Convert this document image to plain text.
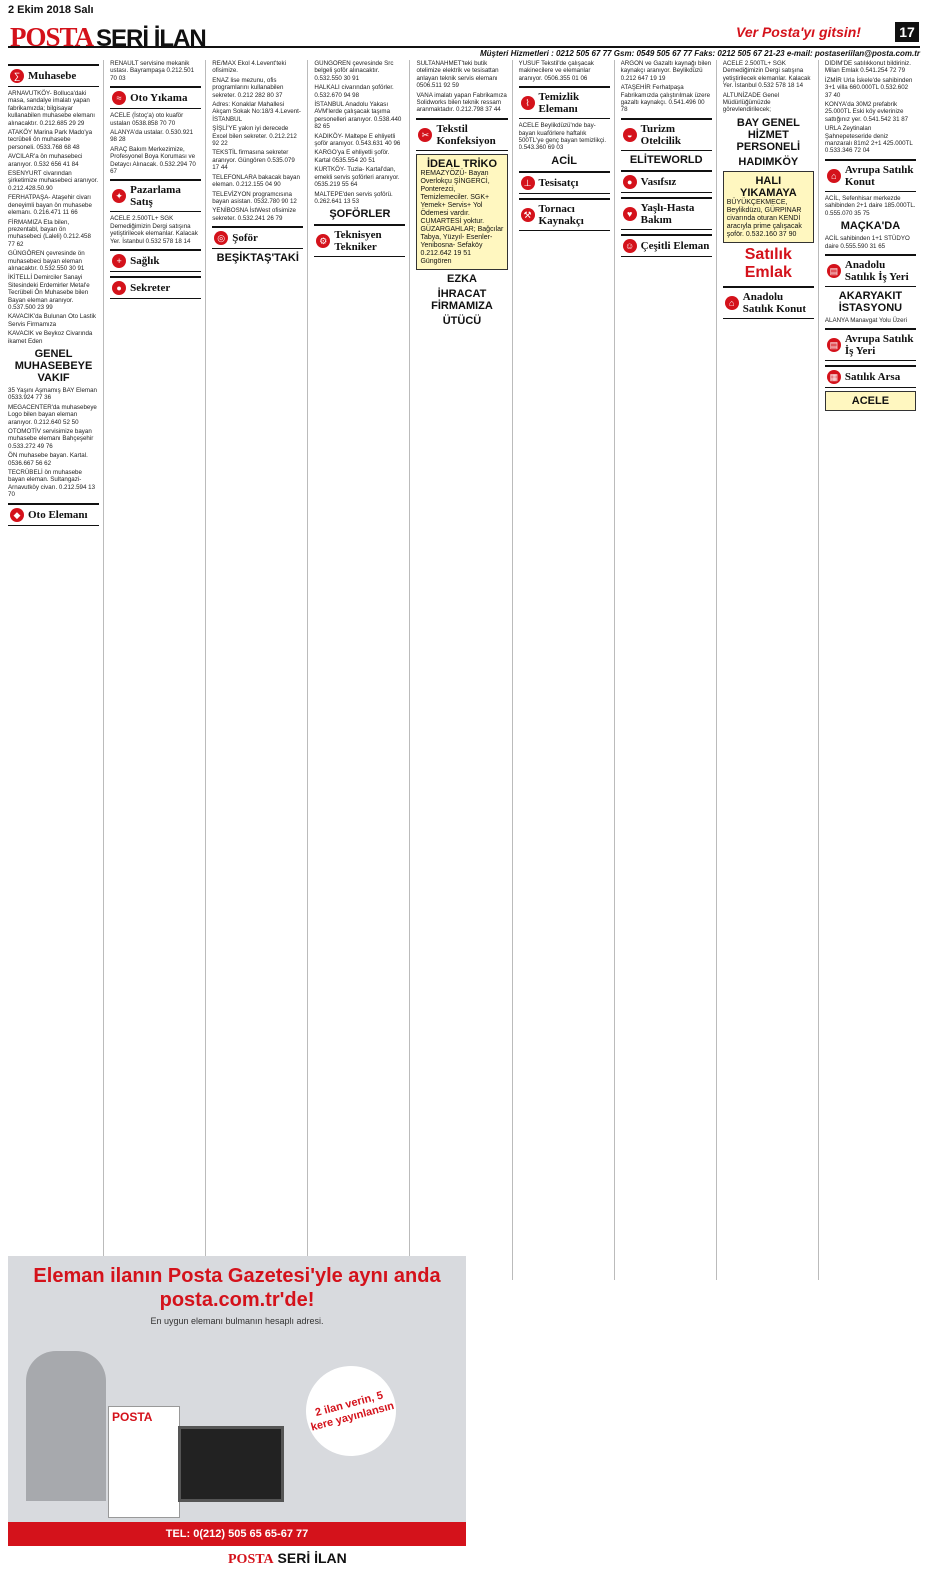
2 Ekim 2018 Salı
POSTA SERİ İLAN	Ver Posta'yı gitsin!	17
Müşteri Hizmetleri : 0212 505 67 77 Gsm: 0549 505 67 77 Faks: 0212 505 67 21-23 e-mail: postaseriilan@posta.com.tr
∑ Muhasebe

ARNAVUTKÖY- Bolluca'daki masa, sandalye imalatı yapan fabrikamızda; bilgisayar kullanabilen muhasebe elemanı alınacaktır. 0.212.685 29 29

ATAKÖY Marina Park Mado'ya tecrübeli ön muhasebe personeli. 0533.768 68 48

AVCILAR'a ön muhasebeci aranıyor. 0.532 656 41 84

ESENYURT civarından şirketimize muhasebeci aranıyor. 0.212.428.50.90

FERHATPAŞA- Ataşehir civarı deneyimli bayan ön muhasebe elemanı. 0.216.471 11 66

FİRMAMIZA Eta bilen, prezentabl, bayan ön muhasebeci (Laleli) 0.212.458 77 62

GÜNGÖREN çevresinde ön muhasebeci bayan eleman alınacaktır. 0.532.550 30 91

İKİTELLİ Demirciler Sanayi Sitesindeki Erdemirler Metal'e Tecrübeli Ön Muhasebe bilen Bayan eleman aranıyor. 0.537.500 23 99

KAVACIK'da Bulunan Oto Lastik Servis Firmamıza

KAVACIK ve Beykoz Civarında ikamet Eden

GENEL MUHASEBEYE VAKIF

35 Yaşını Aşmamış BAY Eleman 0533.924 77 36

MEGACENTER'da muhasebeye Logo bilen bayan eleman aranıyor. 0.212.640 52 50

OTOMOTİV servisimize bayan muhasebe elemanı Bahçeşehir 0.533.272 49 76

ÖN muhasebe bayan. Kartal. 0536.667 56 62

TECRÜBELİ ön muhasebe bayan eleman. Sultangazi-Arnavutköy civarı. 0.212.594 13 70

◆ Oto Elemanı

RENAULT servisine mekanik ustası. Bayrampaşa 0.212.501 70 03

≈ Oto Yıkama

ACELE (İstoç'a) oto kuaför ustaları 0538.858 70 70

ALANYA'da ustalar. 0.530.921 98 28

ARAÇ Bakım Merkezimize, Profesyonel Boya Koruması ve Detaycı Alınacak. 0.532.294 70 67

✦ Pazarlama Satış

ACELE 2.500TL+ SGK Demediğimizin Dergi satışına yetiştirilecek elemanlar. Kalacak Yer. İstanbul 0.532 578 18 14

+ Sağlık
● Sekreter

RE/MAX Ekol 4.Levent'teki ofisimize.

ENAZ lise mezunu, ofis programlarını kullanabilen sekreter. 0.212 282 80 37

Adres: Konaklar Mahallesi Akçam Sokak No:18/3 4.Levent- İSTANBUL

ŞİŞLİ'YE yakın iyi derecede Excel bilen sekreter. 0.212.212 92 22

TEKSTİL firmasına sekreter aranıyor. Güngören 0.535.079 17 44

TELEFONLARA bakacak bayan eleman. 0.212.155 04 90

TELEVİZYON programcısına bayan asistan. 0532.780 90 12

YENİBOSNA İstWest ofisimize sekreter. 0.532.241 26 79

◎ Şoför
BEŞİKTAŞ'TAKİ

GÜNGÖREN çevresinde Src belgeli şoför alınacaktır. 0.532.550 30 91

HALKALI civarından şoförler. 0.532.670 94 98

İSTANBUL Anadolu Yakası AVM'lerde çalışacak taşıma personelleri aranıyor. 0.538.440 82 65

KADIKÖY- Maltepe E ehliyetli şoför aranıyor. 0.543.631 40 96

KARGO'ya E ehliyetli şoför. Kartal 0535.554 20 51

KURTKÖY- Tuzla- Kartal'dan, emekli servis şoförleri aranıyor. 0535.219 55 64

MALTEPE'den servis şoförü. 0.262.641 13 53

ŞOFÖRLER
⚙ Teknisyen Tekniker

SULTANAHMET'teki butik otelimize elektrik ve tesisattan anlayan teknik servis elemanı 0506.511 92 59

VANA imalatı yapan Fabrikamıza Solidworks bilen teknik ressam aranmaktadır. 0.212.798 37 44

✂ Tekstil Konfeksiyon
İDEAL TRİKO
REMAZYÖZÜ- Bayan Overlokçu ŞİNGERCİ, Ponterezci, Temizlemeciler. SGK+ Yemek+ Servis+ Yol Ödemesi vardır.
CUMARTESİ yoktur. GÜZARGAHLAR; Bağcılar Tabya, Yüzyıl- Esenler- Yenibosna- Sefaköy 0.212.642 19 51 Güngören
EZKA
İHRACAT FİRMAMIZA
ÜTÜCÜ

YUSUF Tekstil'de çalışacak makinecilere ve elemanlar aranıyor. 0506.355 01 06

⌇ Temizlik Elemanı

ACELE Beylikdüzü'nde bay-bayan kuaförlere haftalık 500TL'ye genç bayan temizlikçi. 0.543.360 69 03

ACİL
⊥ Tesisatçı
⚒ Tornacı Kaynakçı

ARGON ve Gazaltı kaynağı bilen kaynakçı aranıyor. Beylikdüzü 0.212 647 19 19

ATAŞEHİR Ferhatpaşa Fabrikamızda çalıştırılmak üzere gazaltı kaynakçı. 0.541.496 00 78

◒ Turizm Otelcilik
ELİTEWORLD
● Vasıfsız
♥ Yaşlı-Hasta Bakım
☺ Çeşitli Eleman

ACELE 2.500TL+ SGK Demediğimizin Dergi satışına yetiştirilecek elemanlar. Kalacak Yer. İstanbul 0.532 578 18 14

ALTUNİZADE Genel Müdürlüğümüzde görevlendirilecek;

BAY GENEL HİZMET PERSONELİ
HADIMKÖY
HALI YIKAMAYA
BÜYÜKÇEKMECE, Beylikdüzü, GÜRPINAR civarında oturan KENDİ aracıyla prime çalışacak şoför. 0.532.160 37 90
Satılık Emlak
⌂ Anadolu Satılık Konut

DİDİM'DE satılıkkonut bildiriniz. Milan Emlak 0.541.254 72 79

İZMİR Urla İskele'de sahibinden 3+1 villa 660.000TL 0.532.602 37 40

KONYA'da 30M2 prefabrik 25.000TL Eski köy evlerinize sattığınız yer. 0.541.542 31 87

URLA Zeytinalan Şahnepeteseride deniz manzaralı 81m2 2+1 425.000TL 0.533.346 72 04

⌂ Avrupa Satılık Konut

ACİL, Sefenhisar merkezde sahibinden 2+1 daire 185.000TL. 0.555.070 35 75

MAÇKA'DA

ACİL sahibinden 1+1 STÜDYO daire 0.555.590 31 65

▤ Anadolu Satılık İş Yeri
AKARYAKIT İSTASYONU

ALANYA Manavgat Yolu Üzeri

▤ Avrupa Satılık İş Yeri
▦ Satılık Arsa
ACELE
Eleman ilanın Posta Gazetesi'yle aynı anda posta.com.tr'de!
En uygun elemanı bulmanın hesaplı adresi.
POSTA	2 ilan verin, 5 kere yayınlansın
TEL: 0(212) 505 65 65-67 77
POSTA SERİ İLAN
